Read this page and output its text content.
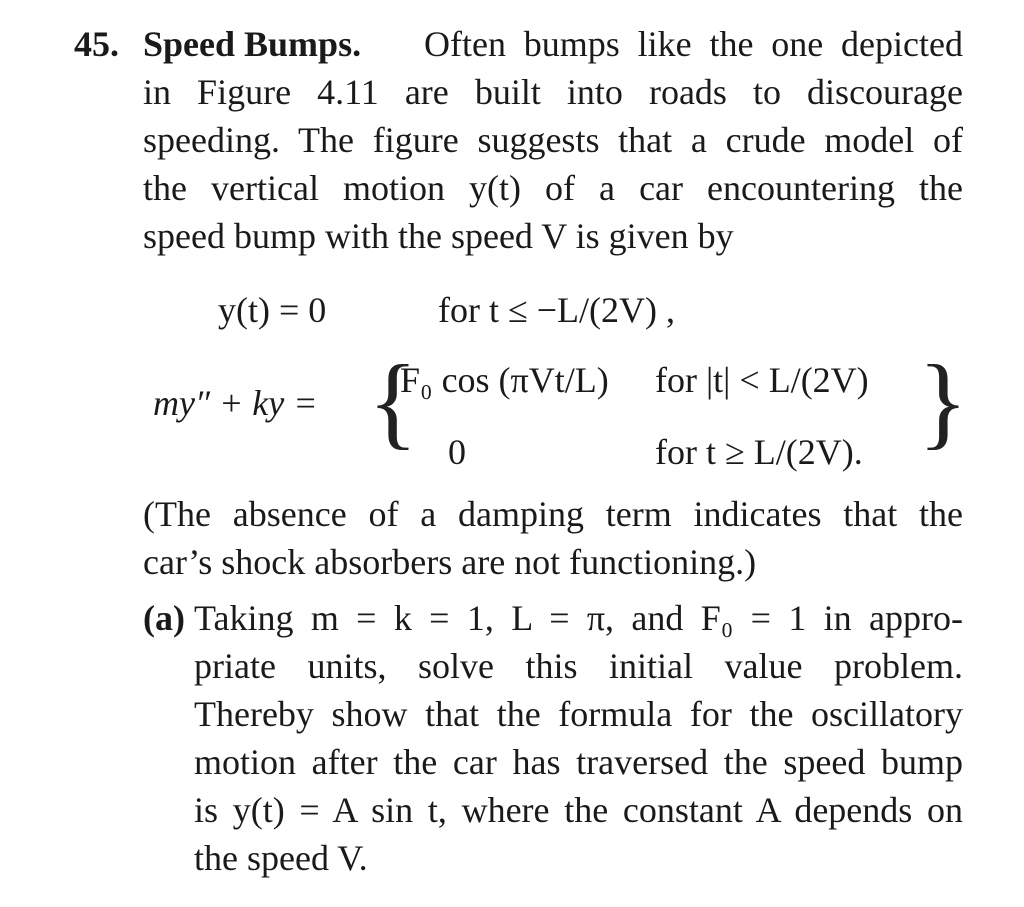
45. Speed Bumps. Often bumps like the one depicted
in Figure 4.11 are built into roads to discourage
speeding. The figure suggests that a crude model of
the vertical motion y(t) of a car encountering the
speed bump with the speed V is given by
y(t) = 0	for t ≤ −L/(2V) ,
my″ + ky = {
F₀ cos (πVt/L) for |t| < L/(2V)
0	for t ≥ L/(2V). }
(The absence of a damping term indicates that the
car’s shock absorbers are not functioning.)
(a) Taking m = k = 1, L = π, and F₀ = 1 in appro-
priate units, solve this initial value problem.
Thereby show that the formula for the oscillatory
motion after the car has traversed the speed bump
is y(t) = A sin t, where the constant A depends on
the speed V.
